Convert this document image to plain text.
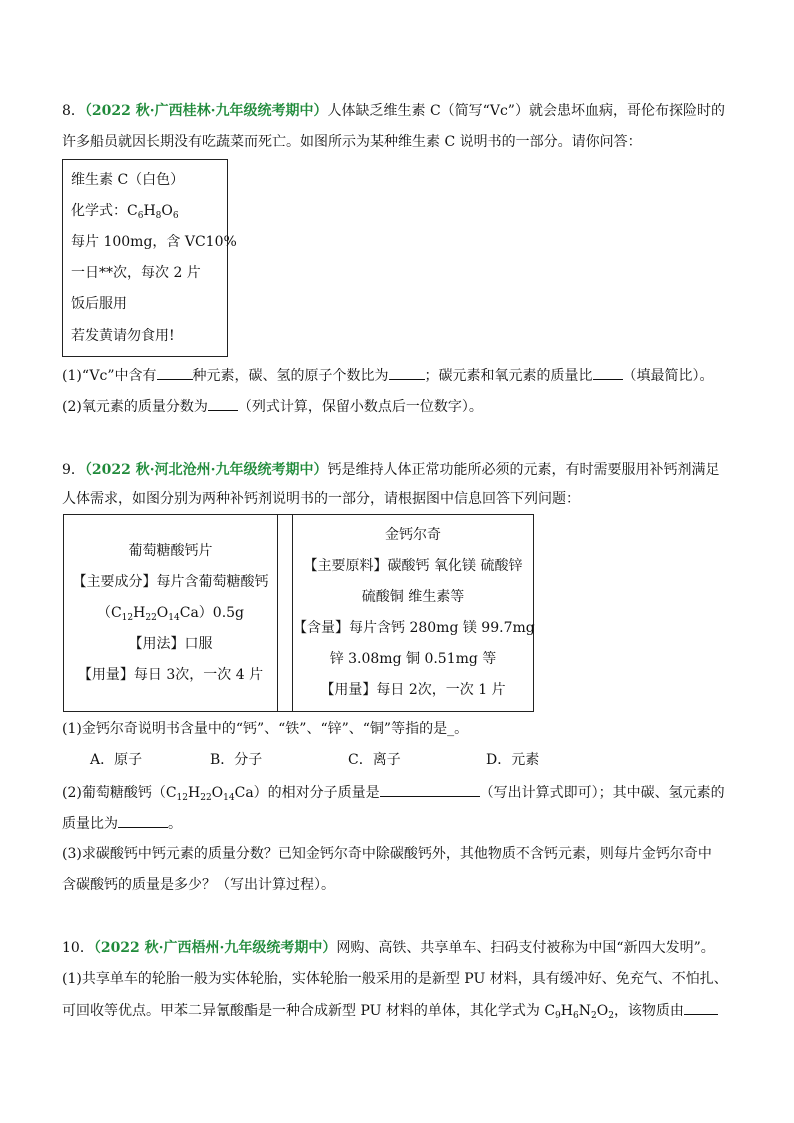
8．（2022 秋·广西桂林·九年级统考期中）人体缺乏维生素 C（简写“Vc”）就会患坏血病，哥伦布探险时的
许多船员就因长期没有吃蔬菜而死亡。如图所示为某种维生素 C 说明书的一部分。请你问答：
维生素 C（白色）
化学式：$C_6H_8O_6$
每片 100mg，含 VC10%
一日**次，每次 2 片
饭后服用
若发黄请勿食用!
(1)“Vc”中含有	种元素，碳、氢的原子个数比为	；碳元素和氧元素的质量比 （填最简比）。
(2)氧元素的质量分数为 （列式计算，保留小数点后一位数字）。
9．（2022 秋·河北沧州·九年级统考期中）钙是维持人体正常功能所必须的元素，有时需要服用补钙剂满足
人体需求，如图分别为两种补钙剂说明书的一部分，请根据图中信息回答下列问题：
葡萄糖酸钙片
【主要成分】每片含葡萄糖酸钙
$(C_{12}H_{22}O_{14}Ca)0.5g$
【用法】口服
【用量】每日 3次，一次 4 片
金钙尔奇
【主要原料】碳酸钙 氧化镁 硫酸锌
硫酸铜 维生素等
【含量】每片含钙 280mg 镁 99.7mg
锌 3.08mg 铜 0.51mg 等
【用量】每日 2次，一次 1 片
(1)金钙尔奇说明书含量中的“钙”、“铁”、“锌”、“铜”等指的是_。
A．原子	B．分子	C．离子	D．元素
(2)葡萄糖酸钙$(C_{12}H_{22}O_{14}Ca)$的相对分子质量是	（写出计算式即可）；其中碳、氢元素的
质量比为	。
(3)求碳酸钙中钙元素的质量分数？已知金钙尔奇中除碳酸钙外，其他物质不含钙元素，则每片金钙尔奇中
含碳酸钙的质量是多少？（写出计算过程）。
10．（2022 秋·广西梧州·九年级统考期中）网购、高铁、共享单车、扫码支付被称为中国“新四大发明”。
(1)共享单车的轮胎一般为实体轮胎，实体轮胎一般采用的是新型 PU 材料，具有缓冲好、免充气、不怕扎、
可回收等优点。甲苯二异氰酸酯是一种合成新型 PU 材料的单体，其化学式为 $C_9H_6N_2O_2$，该物质由
